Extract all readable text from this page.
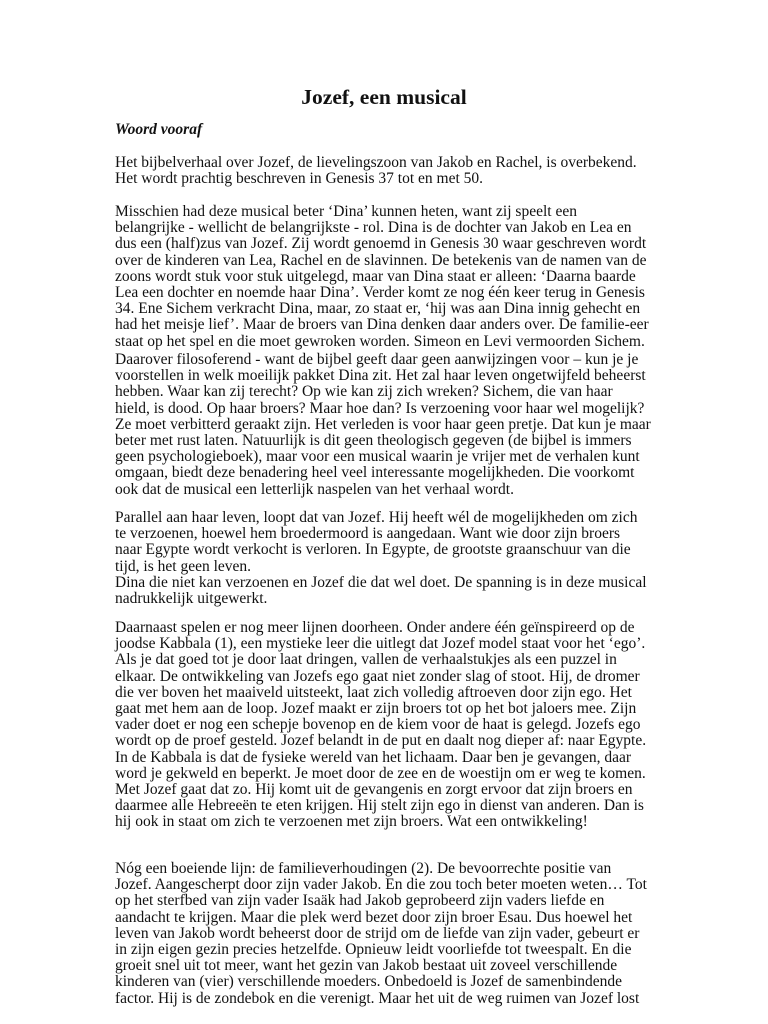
Jozef, een musical
Woord vooraf
Het bijbelverhaal over Jozef, de lievelingszoon van Jakob en Rachel, is overbekend.
Het wordt prachtig beschreven in Genesis 37 tot en met 50.
Misschien had deze musical beter ‘Dina’ kunnen heten, want zij speelt een
belangrijke - wellicht de belangrijkste - rol. Dina is de dochter van Jakob en Lea en
dus een (half)zus van Jozef. Zij wordt genoemd in Genesis 30 waar geschreven wordt
over de kinderen van Lea, Rachel en de slavinnen. De betekenis van de namen van de
zoons wordt stuk voor stuk uitgelegd, maar van Dina staat er alleen: ‘Daarna baarde
Lea een dochter en noemde haar Dina’. Verder komt ze nog één keer terug in Genesis
34. Ene Sichem verkracht Dina, maar, zo staat er, ‘hij was aan Dina innig gehecht en
had het meisje lief’. Maar de broers van Dina denken daar anders over. De familie-eer
staat op het spel en die moet gewroken worden. Simeon en Levi vermoorden Sichem.
Daarover filosoferend - want de bijbel geeft daar geen aanwijzingen voor – kun je je
voorstellen in welk moeilijk pakket Dina zit. Het zal haar leven ongetwijfeld beheerst
hebben. Waar kan zij terecht? Op wie kan zij zich wreken? Sichem, die van haar
hield, is dood. Op haar broers? Maar hoe dan? Is verzoening voor haar wel mogelijk?
Ze moet verbitterd geraakt zijn. Het verleden is voor haar geen pretje. Dat kun je maar
beter met rust laten. Natuurlijk is dit geen theologisch gegeven (de bijbel is immers
geen psychologieboek), maar voor een musical waarin je vrijer met de verhalen kunt
omgaan, biedt deze benadering heel veel interessante mogelijkheden. Die voorkomt
ook dat de musical een letterlijk naspelen van het verhaal wordt.
Parallel aan haar leven, loopt dat van Jozef. Hij heeft wél de mogelijkheden om zich
te verzoenen, hoewel hem broedermoord is aangedaan. Want wie door zijn broers
naar Egypte wordt verkocht is verloren. In Egypte, de grootste graanschuur van die
tijd, is het geen leven.
Dina die niet kan verzoenen en Jozef die dat wel doet. De spanning is in deze musical
nadrukkelijk uitgewerkt.
Daarnaast spelen er nog meer lijnen doorheen. Onder andere één geïnspireerd op de
joodse Kabbala (1), een mystieke leer die uitlegt dat Jozef model staat voor het ‘ego’.
Als je dat goed tot je door laat dringen, vallen de verhaalstukjes als een puzzel in
elkaar. De ontwikkeling van Jozefs ego gaat niet zonder slag of stoot. Hij, de dromer
die ver boven het maaiveld uitsteekt, laat zich volledig aftroeven door zijn ego. Het
gaat met hem aan de loop. Jozef maakt er zijn broers tot op het bot jaloers mee. Zijn
vader doet er nog een schepje bovenop en de kiem voor de haat is gelegd. Jozefs ego
wordt op de proef gesteld. Jozef belandt in de put en daalt nog dieper af: naar Egypte.
In de Kabbala is dat de fysieke wereld van het lichaam. Daar ben je gevangen, daar
word je gekweld en beperkt. Je moet door de zee en de woestijn om er weg te komen.
Met Jozef gaat dat zo. Hij komt uit de gevangenis en zorgt ervoor dat zijn broers en
daarmee alle Hebreeën te eten krijgen. Hij stelt zijn ego in dienst van anderen. Dan is
hij ook in staat om zich te verzoenen met zijn broers. Wat een ontwikkeling!
Nóg een boeiende lijn: de familieverhoudingen (2). De bevoorrechte positie van
Jozef. Aangescherpt door zijn vader Jakob. En die zou toch beter moeten weten… Tot
op het sterfbed van zijn vader Isaäk had Jakob geprobeerd zijn vaders liefde en
aandacht te krijgen. Maar die plek werd bezet door zijn broer Esau. Dus hoewel het
leven van Jakob wordt beheerst door de strijd om de liefde van zijn vader, gebeurt er
in zijn eigen gezin precies hetzelfde. Opnieuw leidt voorliefde tot tweespalt. En die
groeit snel uit tot meer, want het gezin van Jakob bestaat uit zoveel verschillende
kinderen van (vier) verschillende moeders. Onbedoeld is Jozef de samenbindende
factor. Hij is de zondebok en die verenigt. Maar het uit de weg ruimen van Jozef lost
